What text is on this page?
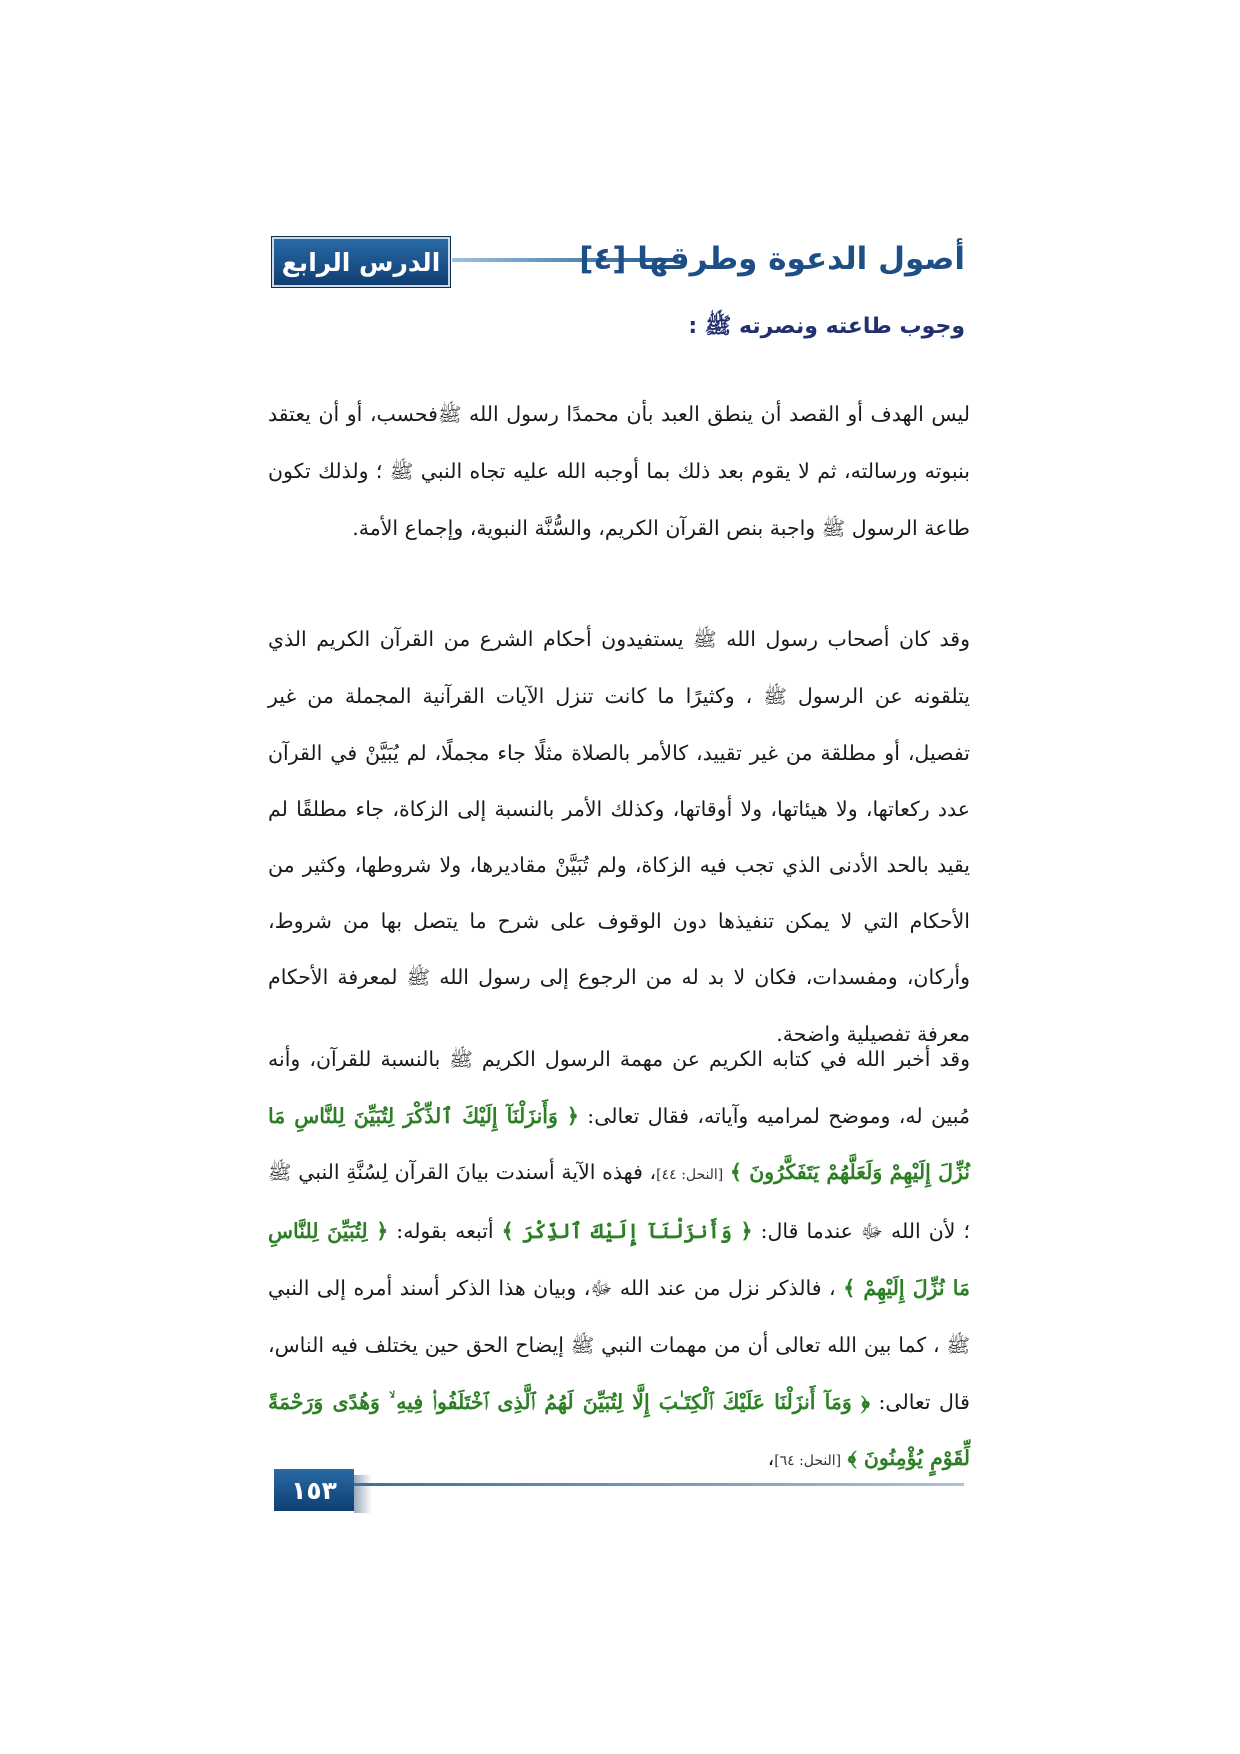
الدرس الرابع	أصول الدعوة وطرقها [٤]
وجوب طاعته ونصرته ﷺ :

ليس الهدف أو القصد أن ينطق العبد بأن محمدًا رسول الله ﷺفحسب، أو أن يعتقد بنبوته ورسالته، ثم لا يقوم بعد ذلك بما أوجبه الله عليه تجاه النبي ﷺ ؛ ولذلك تكون طاعة الرسول ﷺ واجبة بنص القرآن الكريم، والسُّنَّة النبوية، وإجماع الأمة.

وقد كان أصحاب رسول الله ﷺ يستفيدون أحكام الشرع من القرآن الكريم الذي يتلقونه عن الرسول ﷺ ، وكثيرًا ما كانت تنزل الآيات القرآنية المجملة من غير تفصيل، أو مطلقة من غير تقييد، كالأمر بالصلاة مثلًا جاء مجملًا، لم يُبَيَّنْ في القرآن عدد ركعاتها، ولا هيئاتها، ولا أوقاتها، وكذلك الأمر بالنسبة إلى الزكاة، جاء مطلقًا لم يقيد بالحد الأدنى الذي تجب فيه الزكاة، ولم تُبَيَّنْ مقاديرها، ولا شروطها، وكثير من الأحكام التي لا يمكن تنفيذها دون الوقوف على شرح ما يتصل بها من شروط، وأركان، ومفسدات، فكان لا بد له من الرجوع إلى رسول الله ﷺ لمعرفة الأحكام معرفة تفصيلية واضحة.

وقد أخبر الله في كتابه الكريم عن مهمة الرسول الكريم ﷺ بالنسبة للقرآن، وأنه مُبين له، وموضح لمراميه وآياته، فقال تعالى: ﴿ وَأَنزَلْنَآ إِلَيْكَ ٱلذِّكْرَ لِتُبَيِّنَ لِلنَّاسِ مَا نُزِّلَ إِلَيْهِمْ وَلَعَلَّهُمْ يَتَفَكَّرُونَ ﴾ [النحل: ٤٤]، فهذه الآية أسندت بيانَ القرآن لِسُنَّةِ النبي ﷺ ؛ لأن الله ﷻ عندما قال: ﴿ وَأَنزَلْنَآ إِلَيْكَ ٱلذِّكْرَ ﴾ أتبعه بقوله: ﴿ لِتُبَيِّنَ لِلنَّاسِ مَا نُزِّلَ إِلَيْهِمْ ﴾ ، فالذكر نزل من عند الله ﷻ، وبيان هذا الذكر أسند أمره إلى النبي ﷺ ، كما بين الله تعالى أن من مهمات النبي ﷺ إيضاح الحق حين يختلف فيه الناس، قال تعالى: ﴿ وَمَآ أَنزَلْنَا عَلَيْكَ ٱلْكِتَـٰبَ إِلَّا لِتُبَيِّنَ لَهُمُ ٱلَّذِى ٱخْتَلَفُوا۟ فِيهِ ۙ وَهُدًى وَرَحْمَةً لِّقَوْمٍ يُؤْمِنُونَ ﴾ [النحل: ٦٤]،

١٥٣
